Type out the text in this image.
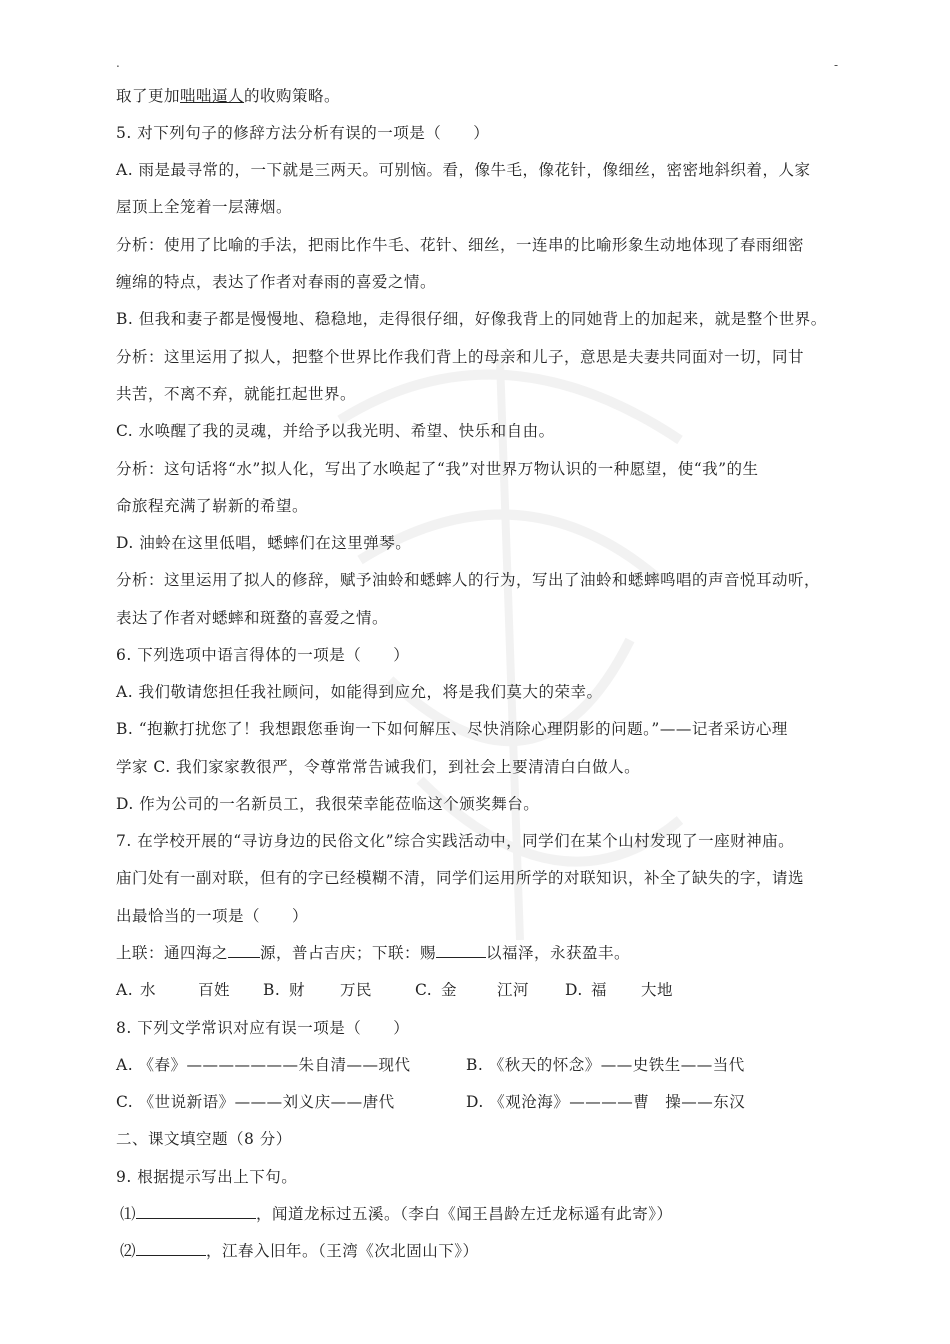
.	-
取了更加咄咄逼人的收购策略。
5. 对下列句子的修辞方法分析有误的一项是（　　）
A. 雨是最寻常的，一下就是三两天。可别恼。看，像牛毛，像花针，像细丝，密密地斜织着，人家
屋顶上全笼着一层薄烟。
分析：使用了比喻的手法，把雨比作牛毛、花针、细丝，一连串的比喻形象生动地体现了春雨细密
缠绵的特点，表达了作者对春雨的喜爱之情。
B. 但我和妻子都是慢慢地、稳稳地，走得很仔细，好像我背上的同她背上的加起来，就是整个世界。
分析：这里运用了拟人，把整个世界比作我们背上的母亲和儿子，意思是夫妻共同面对一切，同甘
共苦，不离不弃，就能扛起世界。
C. 水唤醒了我的灵魂，并给予以我光明、希望、快乐和自由。
分析：这句话将“水”拟人化，写出了水唤起了“我”对世界万物认识的一种愿望，使“我”的生
命旅程充满了崭新的希望。
D. 油蛉在这里低唱，蟋蟀们在这里弹琴。
分析：这里运用了拟人的修辞，赋予油蛉和蟋蟀人的行为，写出了油蛉和蟋蟀鸣唱的声音悦耳动听，
表达了作者对蟋蟀和斑蝥的喜爱之情。
6. 下列选项中语言得体的一项是（　　）
A. 我们敬请您担任我社顾问，如能得到应允，将是我们莫大的荣幸。
B. “抱歉打扰您了！我想跟您垂询一下如何解压、尽快消除心理阴影的问题。”——记者采访心理
学家 C. 我们家家教很严，令尊常常告诫我们，到社会上要清清白白做人。
D. 作为公司的一名新员工，我很荣幸能莅临这个颁奖舞台。
7. 在学校开展的“寻访身边的民俗文化”综合实践活动中，同学们在某个山村发现了一座财神庙。
庙门处有一副对联，但有的字已经模糊不清，同学们运用所学的对联知识，补全了缺失的字，请选
出最恰当的一项是（　　）
上联：通四海之 源，普占吉庆；下联：赐	以福泽，永获盈丰。
A. 水	百姓 B. 财 万民	C. 金	江河 D. 福 大地
8. 下列文学常识对应有误一项是（　　）
A. 《春》———————朱自清——现代	B. 《秋天的怀念》——史铁生——当代
C. 《世说新语》———刘义庆——唐代	D. 《观沧海》————曹　操——东汉
二、课文填空题（8 分）
9. 根据提示写出上下句。
⑴	，闻道龙标过五溪。（李白《闻王昌龄左迁龙标遥有此寄》）
⑵	，江春入旧年。（王湾《次北固山下》）
